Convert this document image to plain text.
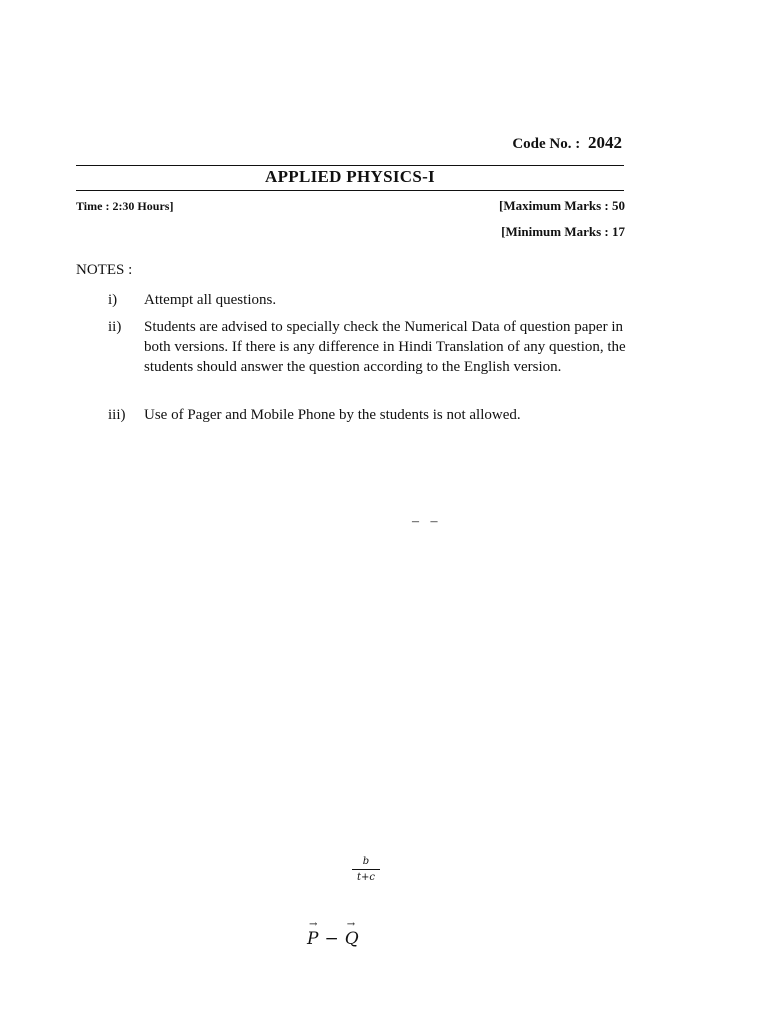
Code No. : 2042
APPLIED PHYSICS-I
Time : 2:30 Hours]	[Maximum Marks : 50
[Minimum Marks : 17
NOTES :
i)	Attempt all questions.
ii)	Students are advised to specially check the Numerical Data of question paper in both versions. If there is any difference in Hindi Translation of any question, the students should answer the question according to the English version.
iii)	Use of Pager and Mobile Phone by the students is not allowed.
– –
$\frac{b}{t+c}$
→
P −
→
Q
